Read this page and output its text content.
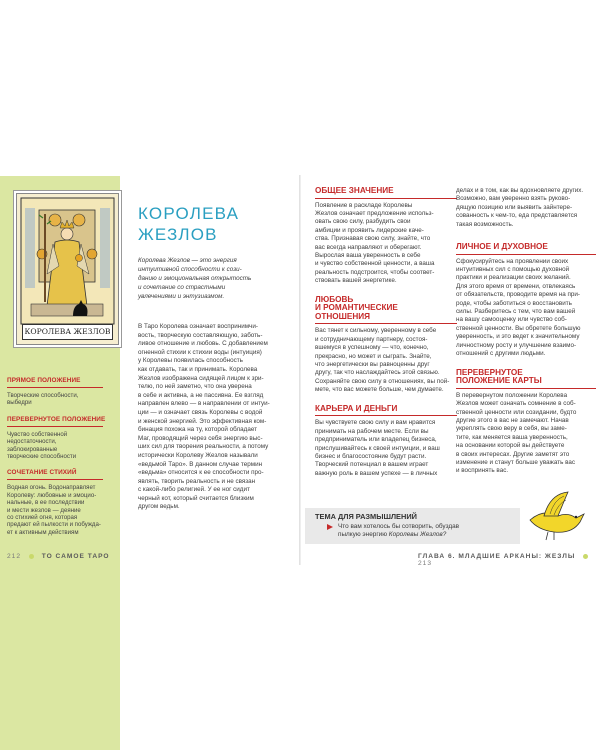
КОРОЛЕВА ЖЕЗЛОВ
ПРЯМОЕ ПОЛОЖЕНИЕ
Творческие способности,
выбедри
ПЕРЕВЕРНУТОЕ ПОЛОЖЕНИЕ
Чувство собственной
недостаточности,
заблокированные
творческие способности
СОЧЕТАНИЕ СТИХИЙ
Водная огонь. Водонаправляет
Королеву: любовные и эмоцио-
нальные, в ее последствии
и мести жезлов — деяние
со стихией огня, которая
предают ей пылкости и побужда-
ет к активным действиям
КОРОЛЕВА
ЖЕЗЛОВ
Королева Жезлов — это энергия
интуитивной способности к сози-
данию и эмоциональная открытость
и сочетание со страстными
увлечениями и энтузиазмом.
В Таро Королева означает воспринимчи-
вость, творческую составляющую, заботь-
ливое отношение и любовь. С добавлением
огненной стихии к стихии воды (интуиция)
у Королевы появилась способность
как отдавать, так и принимать. Королева
Жезлов изображена сидящей лицом к зри-
телю, по ней заметно, что она уверена
в себе и активна, а не пассивна. Ее взгляд
направлен влево — в направлении от интуи-
ции — и означает связь Королевы с водой
и женской энергией. Это эффективная ком-
бинация похожа на ту, которой обладает
Маг, проводящий через себя энергию выс-
ших сил для творения реальности, а потому
исторически Королеву Жезлов называли
«ведьмой Таро». В данном случае термин
«ведьма» относится к ее способности про-
являть, творить реальность и не связан
с какой-либо религией. У ее ног сидит
черный кот, который считается близким
другом ведьм.
ОБЩЕЕ ЗНАЧЕНИЕ
Появление в раскладе Королевы
Жезлов означает предложение использ-
овать свою силу, разбудить свои
амбиции и проявить лидерские каче-
ства. Признавая свою силу, знайте, что
вас всегда направляют и оберегают.
Вырослая ваша уверенность в себе
и чувство собственной ценности, а ваша
реальность подстроится, чтобы соответ-
ствовать вашей энергетике.
ЛЮБОВЬ
И РОМАНТИЧЕСКИЕ
ОТНОШЕНИЯ
Вас тянет к сильному, уверенному в себе
и сотрудничающему партнеру, состоя-
вшемуся в успешному — что, конечно,
прекрасно, но может и сыграть. Знайте,
что энергетически вы равноценны друг
другу, так что наслаждайтесь этой связью.
Сохраняйте свою силу в отношениях, вы пой-
мете, что вас можете больше, чем думаете.
КАРЬЕРА И ДЕНЬГИ
Вы чувствуете свою силу и вам нравится
принимать на рабочем месте. Если вы
предприниматель или владелец бизнеса,
прислушивайтесь к своей интуиции, и ваш
бизнес и благосостояние будут расти.
Творческий потенциал в вашем играет
важную роль в вашем успехе — в личных
делах и в том, как вы вдохновляете других.
Возможно, вам уверенно взять руково-
дящую позицию или выявить зайнтере-
сованность к чем-то, еда представляется
такая возможность.
ЛИЧНОЕ И ДУХОВНОЕ
Сфокусируйтесь на проявлении своих
интуитивных сил с помощью духовной
практики и реализации своих желаний.
Для этого время от времени, отвлекаясь
от обязательств, проводите время на при-
роде, чтобы заботиться о восстановить
силы. Разберитесь с тем, что вам вашей
на вашу самооценку или чувство соб-
ственной ценности. Вы обретете большую
уверенность, и это ведет к значительному
личностному росту и улучшение взаимо-
отношений с другими людьми.
ПЕРЕВЕРНУТОЕ
ПОЛОЖЕНИЕ КАРТЫ
В перевернутом положении Королева
Жезлов может означать сомнение в соб-
ственной ценности или созидании, будто
другие этого в вас не замечают. Начав
укреплять свою веру в себя, вы заме-
тите, как меняется ваша уверенность,
на основании которой вы действуете
в своих интересах. Другие заметят это
изменение и станут больше уважать вас
и воспринять вас.
ТЕМА ДЛЯ РАЗМЫШЛЕНИЙ
Что вам хотелось бы сотворить, обуздав
пылкую энергию Королевы Жезлов?
212	ТО САМОЕ ТАРО	ГЛАВА 6. МЛАДШИЕ АРКАНЫ: ЖЕЗЛЫ  213
